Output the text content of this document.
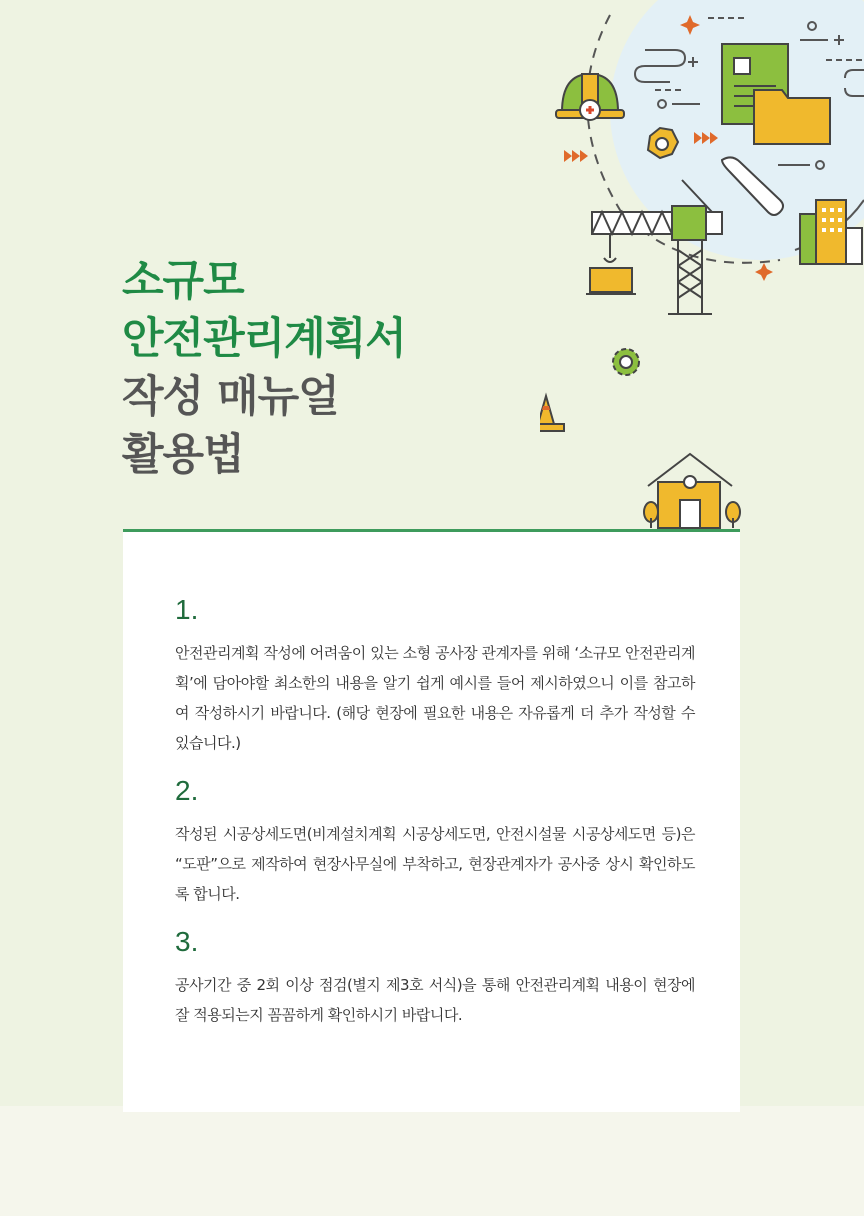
소규모
안전관리계획서
작성 매뉴얼
활용법
1.
안전관리계획 작성에 어려움이 있는 소형 공사장 관계자를 위해 ‘소규모 안전관리계획’에 담아야할 최소한의 내용을 알기 쉽게 예시를 들어 제시하였으니 이를 참고하여 작성하시기 바랍니다. (해당 현장에 필요한 내용은 자유롭게 더 추가 작성할 수 있습니다.)
2.
작성된 시공상세도면(비계설치계획 시공상세도면, 안전시설물 시공상세도면 등)은 “도판”으로 제작하여 현장사무실에 부착하고, 현장관계자가 공사중 상시 확인하도록 합니다.
3.
공사기간 중 2회 이상 점검(별지 제3호 서식)을 통해 안전관리계획 내용이 현장에 잘 적용되는지 꼼꼼하게 확인하시기 바랍니다.
